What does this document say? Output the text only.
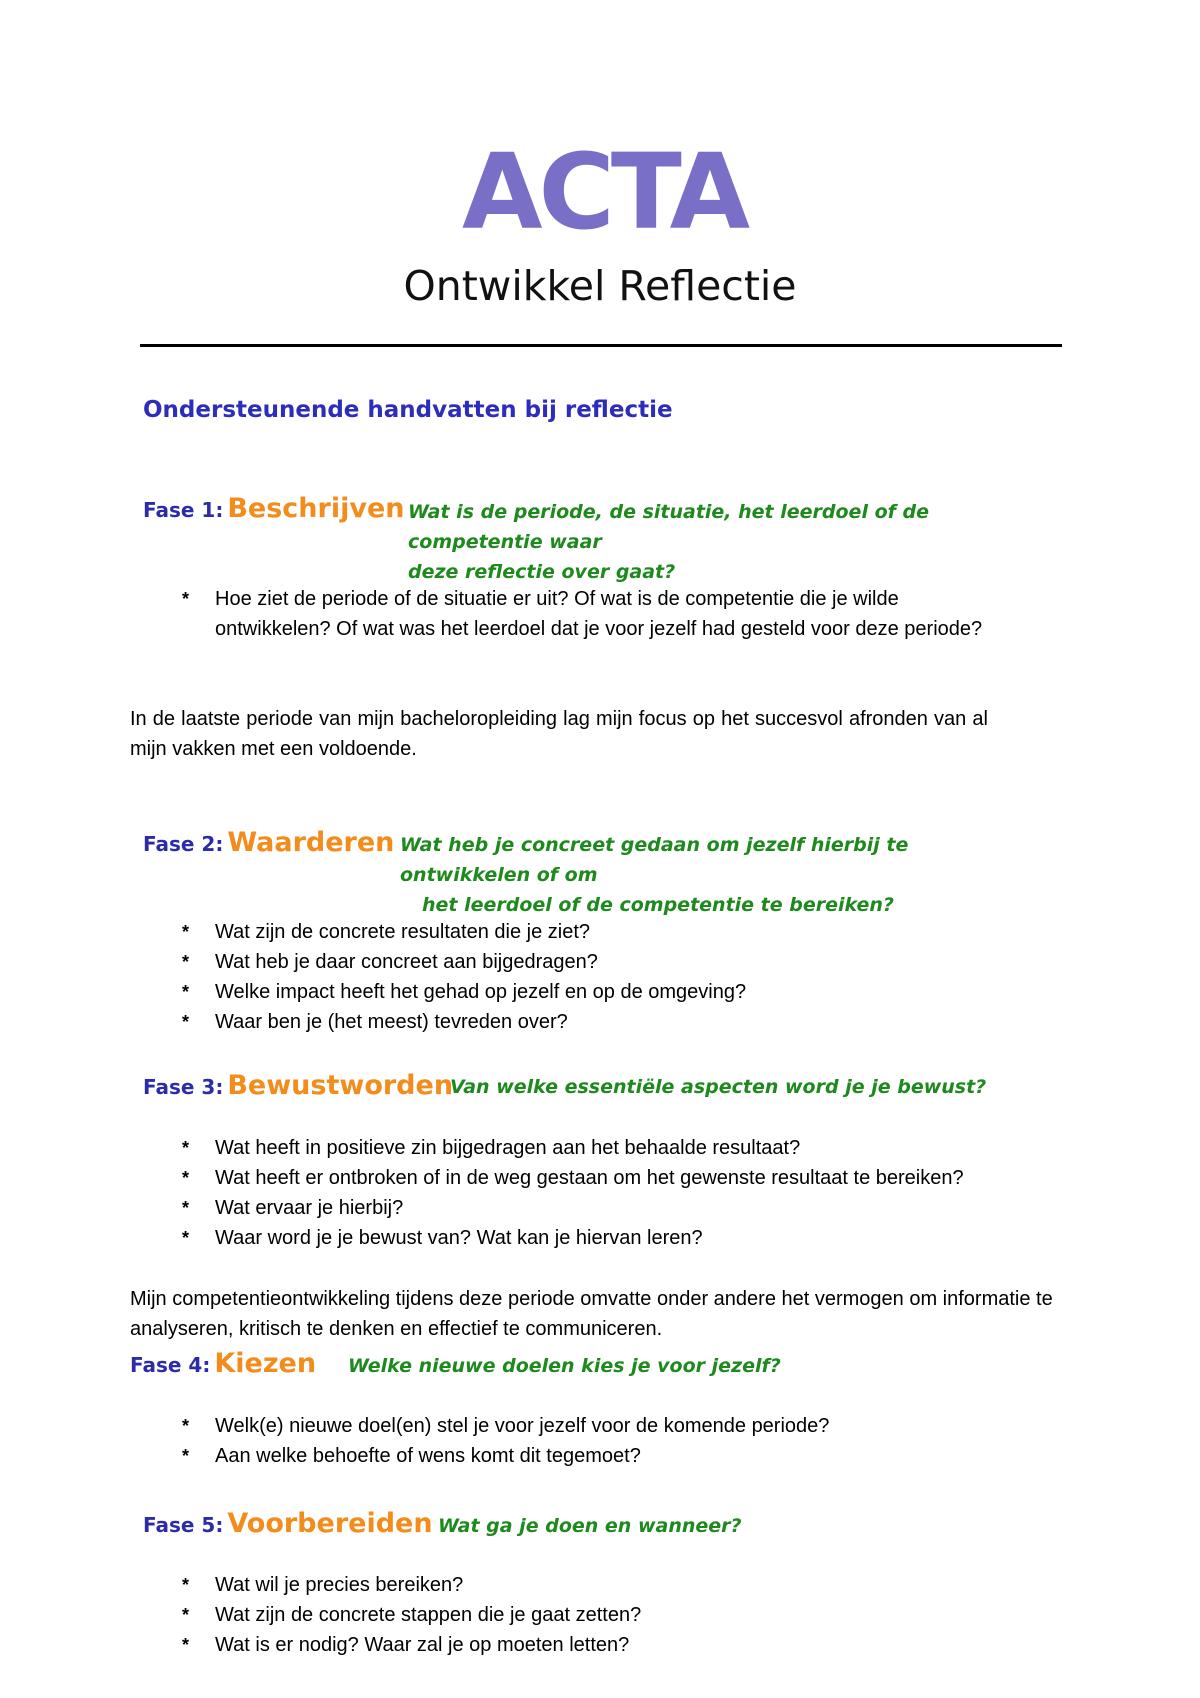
ACTA
Ontwikkel Reflectie
Ondersteunende handvatten bij reflectie
Fase 1: Beschrijven Wat is de periode, de situatie, het leerdoel of de competentie waar
deze reflectie over gaat?
* Hoe ziet de periode of de situatie er uit? Of wat is de competentie die je wilde ontwikkelen? Of wat was het leerdoel dat je voor jezelf had gesteld voor deze periode?
In de laatste periode van mijn bacheloropleiding lag mijn focus op het succesvol afronden van al mijn vakken met een voldoende.
Fase 2: Waarderen Wat heb je concreet gedaan om jezelf hierbij te ontwikkelen of om
het leerdoel of de competentie te bereiken?
* Wat zijn de concrete resultaten die je ziet?
* Wat heb je daar concreet aan bijgedragen?
* Welke impact heeft het gehad op jezelf en op de omgeving?
* Waar ben je (het meest) tevreden over?
Fase 3: Bewustworden
Van welke essentiële aspecten word je je bewust?
* Wat heeft in positieve zin bijgedragen aan het behaalde resultaat?
* Wat heeft er ontbroken of in de weg gestaan om het gewenste resultaat te bereiken?
* Wat ervaar je hierbij?
* Waar word je je bewust van? Wat kan je hiervan leren?
Mijn competentieontwikkeling tijdens deze periode omvatte onder andere het vermogen om informatie te analyseren, kritisch te denken en effectief te communiceren.
Fase 4: Kiezen Welke nieuwe doelen kies je voor jezelf?
* Welk(e) nieuwe doel(en) stel je voor jezelf voor de komende periode?
* Aan welke behoefte of wens komt dit tegemoet?
Fase 5: Voorbereiden Wat ga je doen en wanneer?
* Wat wil je precies bereiken?
* Wat zijn de concrete stappen die je gaat zetten?
* Wat is er nodig? Waar zal je op moeten letten?
